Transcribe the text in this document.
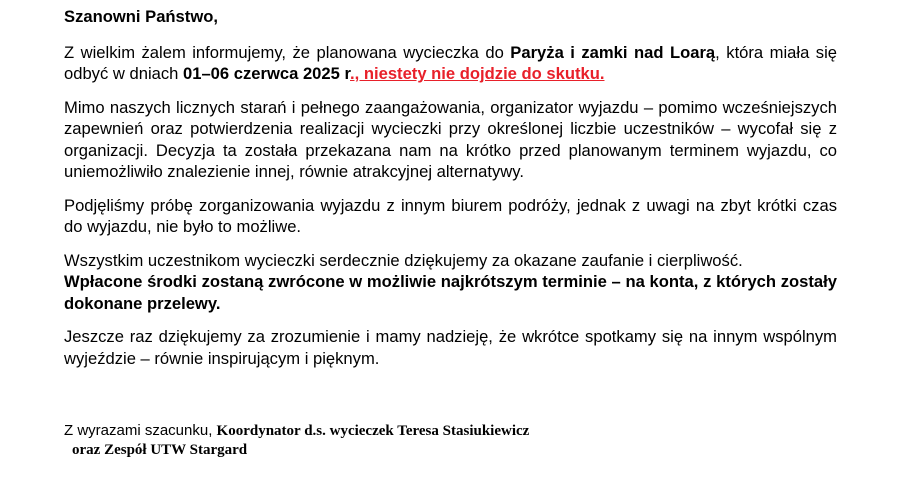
Szanowni Państwo,

Z wielkim żalem informujemy, że planowana wycieczka do Paryża i zamki nad Loarą, która miała się odbyć w dniach 01–06 czerwca 2025 r., niestety nie dojdzie do skutku.

Mimo naszych licznych starań i pełnego zaangażowania, organizator wyjazdu – pomimo wcześniejszych zapewnień oraz potwierdzenia realizacji wycieczki przy określonej liczbie uczestników – wycofał się z organizacji. Decyzja ta została przekazana nam na krótko przed planowanym terminem wyjazdu, co uniemożliwiło znalezienie innej, równie atrakcyjnej alternatywy.

Podjęliśmy próbę zorganizowania wyjazdu z innym biurem podróży, jednak z uwagi na zbyt krótki czas do wyjazdu, nie było to możliwe.

Wszystkim uczestnikom wycieczki serdecznie dziękujemy za okazane zaufanie i cierpliwość.
Wpłacone środki zostaną zwrócone w możliwie najkrótszym terminie – na konta, z których zostały dokonane przelewy.

Jeszcze raz dziękujemy za zrozumienie i mamy nadzieję, że wkrótce spotkamy się na innym wspólnym wyjeździe – równie inspirującym i pięknym.

Z wyrazami szacunku, Koordynator d.s. wycieczek Teresa Stasiukiewicz
oraz Zespół UTW Stargard
